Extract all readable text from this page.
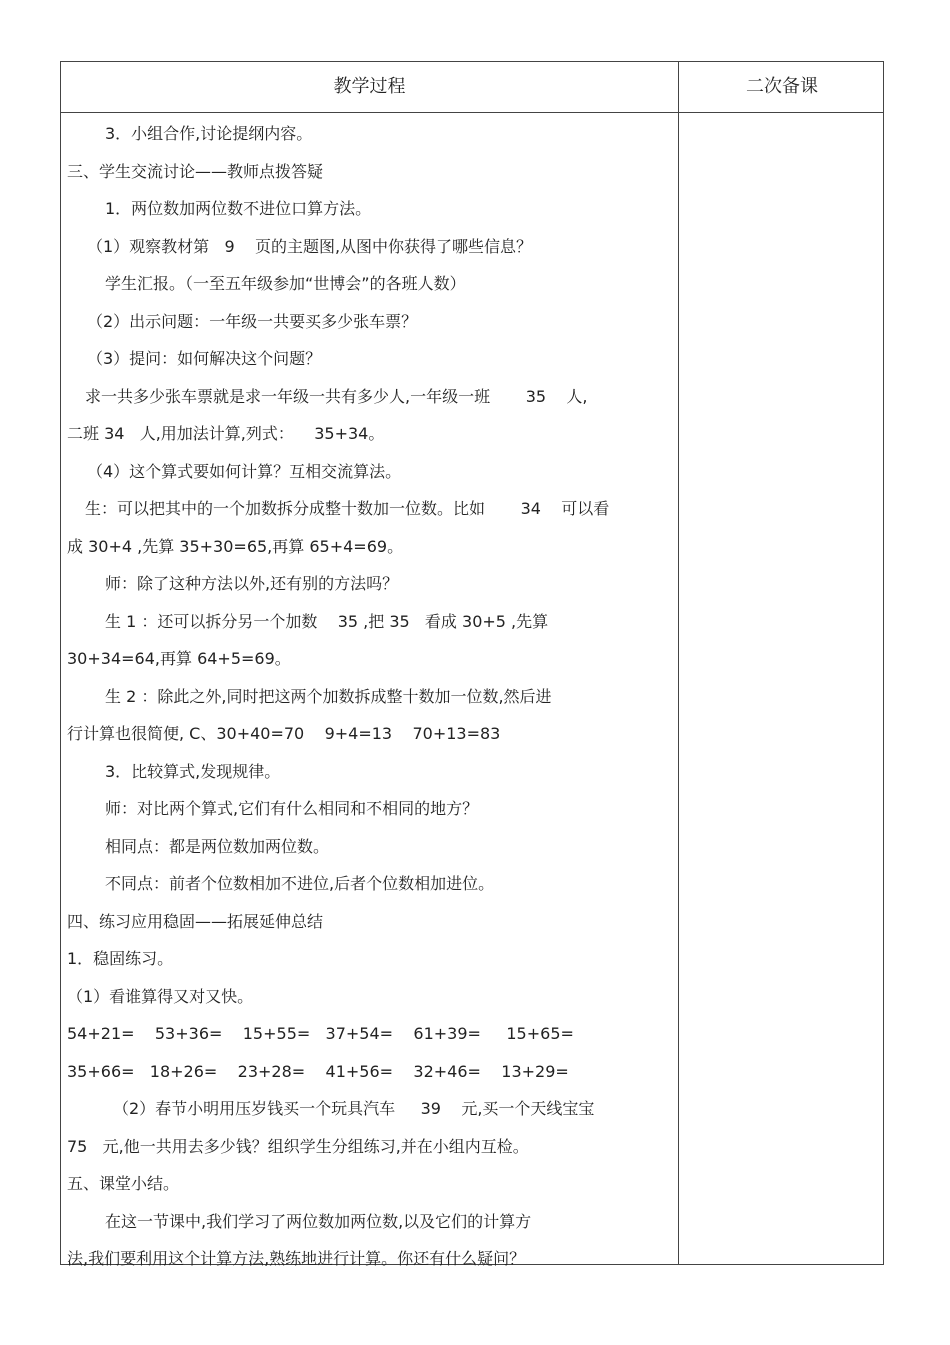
教学过程	二次备课
3．小组合作,讨论提纲内容。
三、学生交流讨论——教师点拨答疑
1．两位数加两位数不进位口算方法。
（1）观察教材第   9    页的主题图,从图中你获得了哪些信息？
学生汇报。（一至五年级参加“世博会”的各班人数）
（2）出示问题：一年级一共要买多少张车票？
（3）提问：如何解决这个问题？
求一共多少张车票就是求一年级一共有多少人,一年级一班       35    人,
二班 34   人,用加法计算,列式：    35+34。
（4）这个算式要如何计算？互相交流算法。
生：可以把其中的一个加数拆分成整十数加一位数。比如       34    可以看
成 30+4 ,先算 35+30=65,再算 65+4=69。
师：除了这种方法以外,还有别的方法吗？
生 1 ：还可以拆分另一个加数    35 ,把 35   看成 30+5 ,先算
30+34=64,再算 64+5=69。
生 2 ：除此之外,同时把这两个加数拆成整十数加一位数,然后进
行计算也很简便, C、30+40=70    9+4=13    70+13=83
3．比较算式,发现规律。
师：对比两个算式,它们有什么相同和不相同的地方？
相同点：都是两位数加两位数。
不同点：前者个位数相加不进位,后者个位数相加进位。
四、练习应用稳固——拓展延伸总结
1．稳固练习。
（1）看谁算得又对又快。
54+21=    53+36=    15+55=   37+54=    61+39=     15+65=
35+66=   18+26=    23+28=    41+56=    32+46=    13+29=
（2）春节小明用压岁钱买一个玩具汽车     39    元,买一个天线宝宝
75   元,他一共用去多少钱？组织学生分组练习,并在小组内互检。
五、课堂小结。
在这一节课中,我们学习了两位数加两位数,以及它们的计算方
法,我们要利用这个计算方法,熟练地进行计算。你还有什么疑问？
